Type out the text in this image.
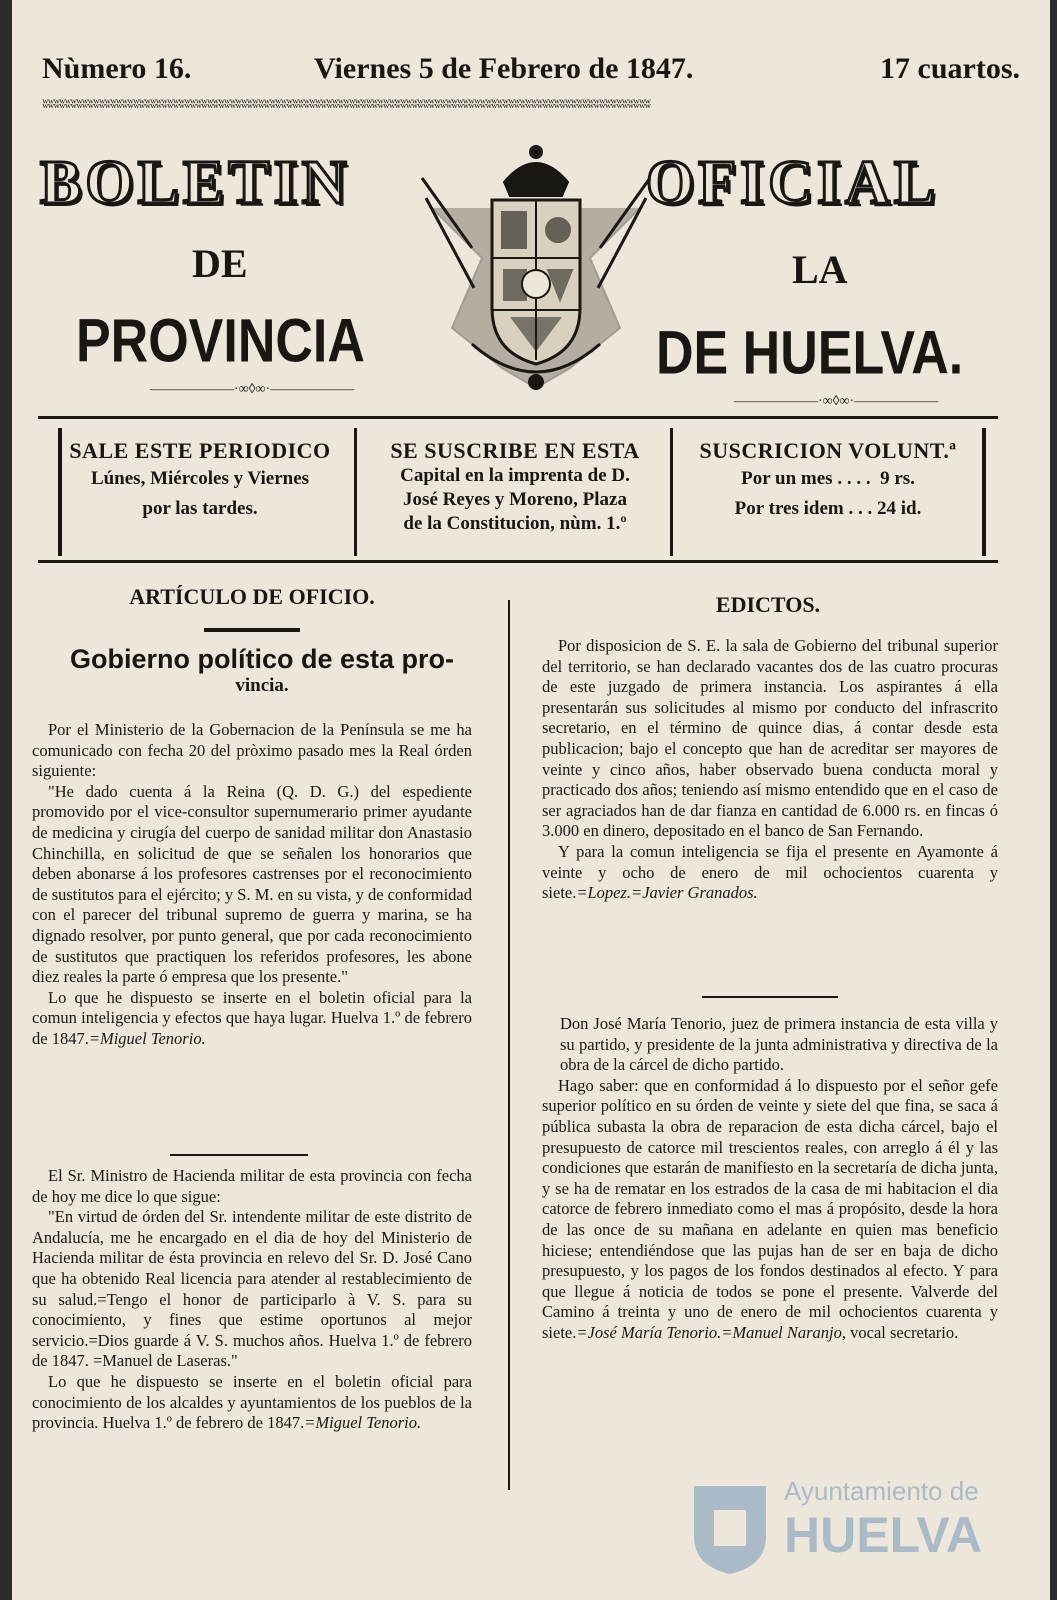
Nùmero 16.	Viernes 5 de Febrero de 1847.	17 cuartos.
ʬʬʬʬʬʬʬʬʬʬʬʬʬʬʬʬʬʬʬʬʬʬʬʬʬʬʬʬʬʬʬʬʬʬʬʬʬʬʬʬʬʬʬʬʬʬʬʬʬʬʬʬʬʬʬʬʬʬʬʬʬʬʬʬʬʬʬʬʬʬʬʬʬʬʬʬʬʬʬʬʬʬʬʬʬʬʬʬʬʬʬʬʬʬʬʬʬʬʬʬʬʬʬʬʬʬʬ
BOLETIN	OFICIAL
DE	LA
PROVINCIA	DE HUELVA.
——————·∞◊∞·——————
——————·∞◊∞·——————
SALE ESTE PERIODICO
Lúnes, Miércoles y Viernes
por las tardes.
SE SUSCRIBE EN ESTA
Capital en la imprenta de D.
José Reyes y Moreno, Plaza
de la Constitucion, nùm. 1.º
SUSCRICION VOLUNT.ª
Por un mes . . . .  9 rs.
Por tres idem . . . 24 id.
ARTÍCULO DE OFICIO.
Gobierno político de esta pro-
vincia.

Por el Ministerio de la Gobernacion de la Península se me ha comunicado con fecha 20 del pròximo pasado mes la Real órden siguiente:

"He dado cuenta á la Reina (Q. D. G.) del espediente promovido por el vice-consultor supernumerario primer ayudante de medicina y cirugía del cuerpo de sanidad militar don Anastasio Chinchilla, en solicitud de que se señalen los honorarios que deben abonarse á los profesores castrenses por el reconocimiento de sustitutos para el ejército; y S. M. en su vista, y de conformidad con el parecer del tribunal supremo de guerra y marina, se ha dignado resolver, por punto general, que por cada reconocimiento de sustitutos que practiquen los referidos profesores, les abone diez reales la parte ó empresa que los presente."

Lo que he dispuesto se inserte en el boletin oficial para la comun inteligencia y efectos que haya lugar. Huelva 1.º de febrero de 1847.=Miguel Tenorio.

El Sr. Ministro de Hacienda militar de esta provincia con fecha de hoy me dice lo que sigue:

"En virtud de órden del Sr. intendente militar de este distrito de Andalucía, me he encargado en el dia de hoy del Ministerio de Hacienda militar de ésta provincia en relevo del Sr. D. José Cano que ha obtenido Real licencia para atender al restablecimiento de su salud.=Tengo el honor de participarlo à V. S. para su conocimiento, y fines que estime oportunos al mejor servicio.=Dios guarde á V. S. muchos años. Huelva 1.º de febrero de 1847. =Manuel de Laseras."

Lo que he dispuesto se inserte en el boletin oficial para conocimiento de los alcaldes y ayuntamientos de los pueblos de la provincia. Huelva 1.º de febrero de 1847.=Miguel Tenorio.

EDICTOS.

Por disposicion de S. E. la sala de Gobierno del tribunal superior del territorio, se han declarado vacantes dos de las cuatro procuras de este juzgado de primera instancia. Los aspirantes á ella presentarán sus solicitudes al mismo por conducto del infrascrito secretario, en el término de quince dias, á contar desde esta publicacion; bajo el concepto que han de acreditar ser mayores de veinte y cinco años, haber observado buena conducta moral y practicado dos años; teniendo así mismo entendido que en el caso de ser agraciados han de dar fianza en cantidad de 6.000 rs. en fincas ó 3.000 en dinero, depositado en el banco de San Fernando.

Y para la comun inteligencia se fija el presente en Ayamonte á veinte y ocho de enero de mil ochocientos cuarenta y siete.=Lopez.=Javier Granados.

Don José María Tenorio, juez de primera instancia de esta villa y su partido, y presidente de la junta administrativa y directiva de la obra de la cárcel de dicho partido.

Hago saber: que en conformidad á lo dispuesto por el señor gefe superior político en su órden de veinte y siete del que fina, se saca á pública subasta la obra de reparacion de esta dicha cárcel, bajo el presupuesto de catorce mil trescientos reales, con arreglo á él y las condiciones que estarán de manifiesto en la secretaría de dicha junta, y se ha de rematar en los estrados de la casa de mi habitacion el dia catorce de febrero inmediato como el mas á propósito, desde la hora de las once de su mañana en adelante en quien mas beneficio hiciese; entendiéndose que las pujas han de ser en baja de dicho presupuesto, y los pagos de los fondos destinados al efecto. Y para que llegue á noticia de todos se pone el presente. Valverde del Camino á treinta y uno de enero de mil ochocientos cuarenta y siete.=José María Tenorio.=Manuel Naranjo, vocal secretario.

Ayuntamiento de
HUELVA
